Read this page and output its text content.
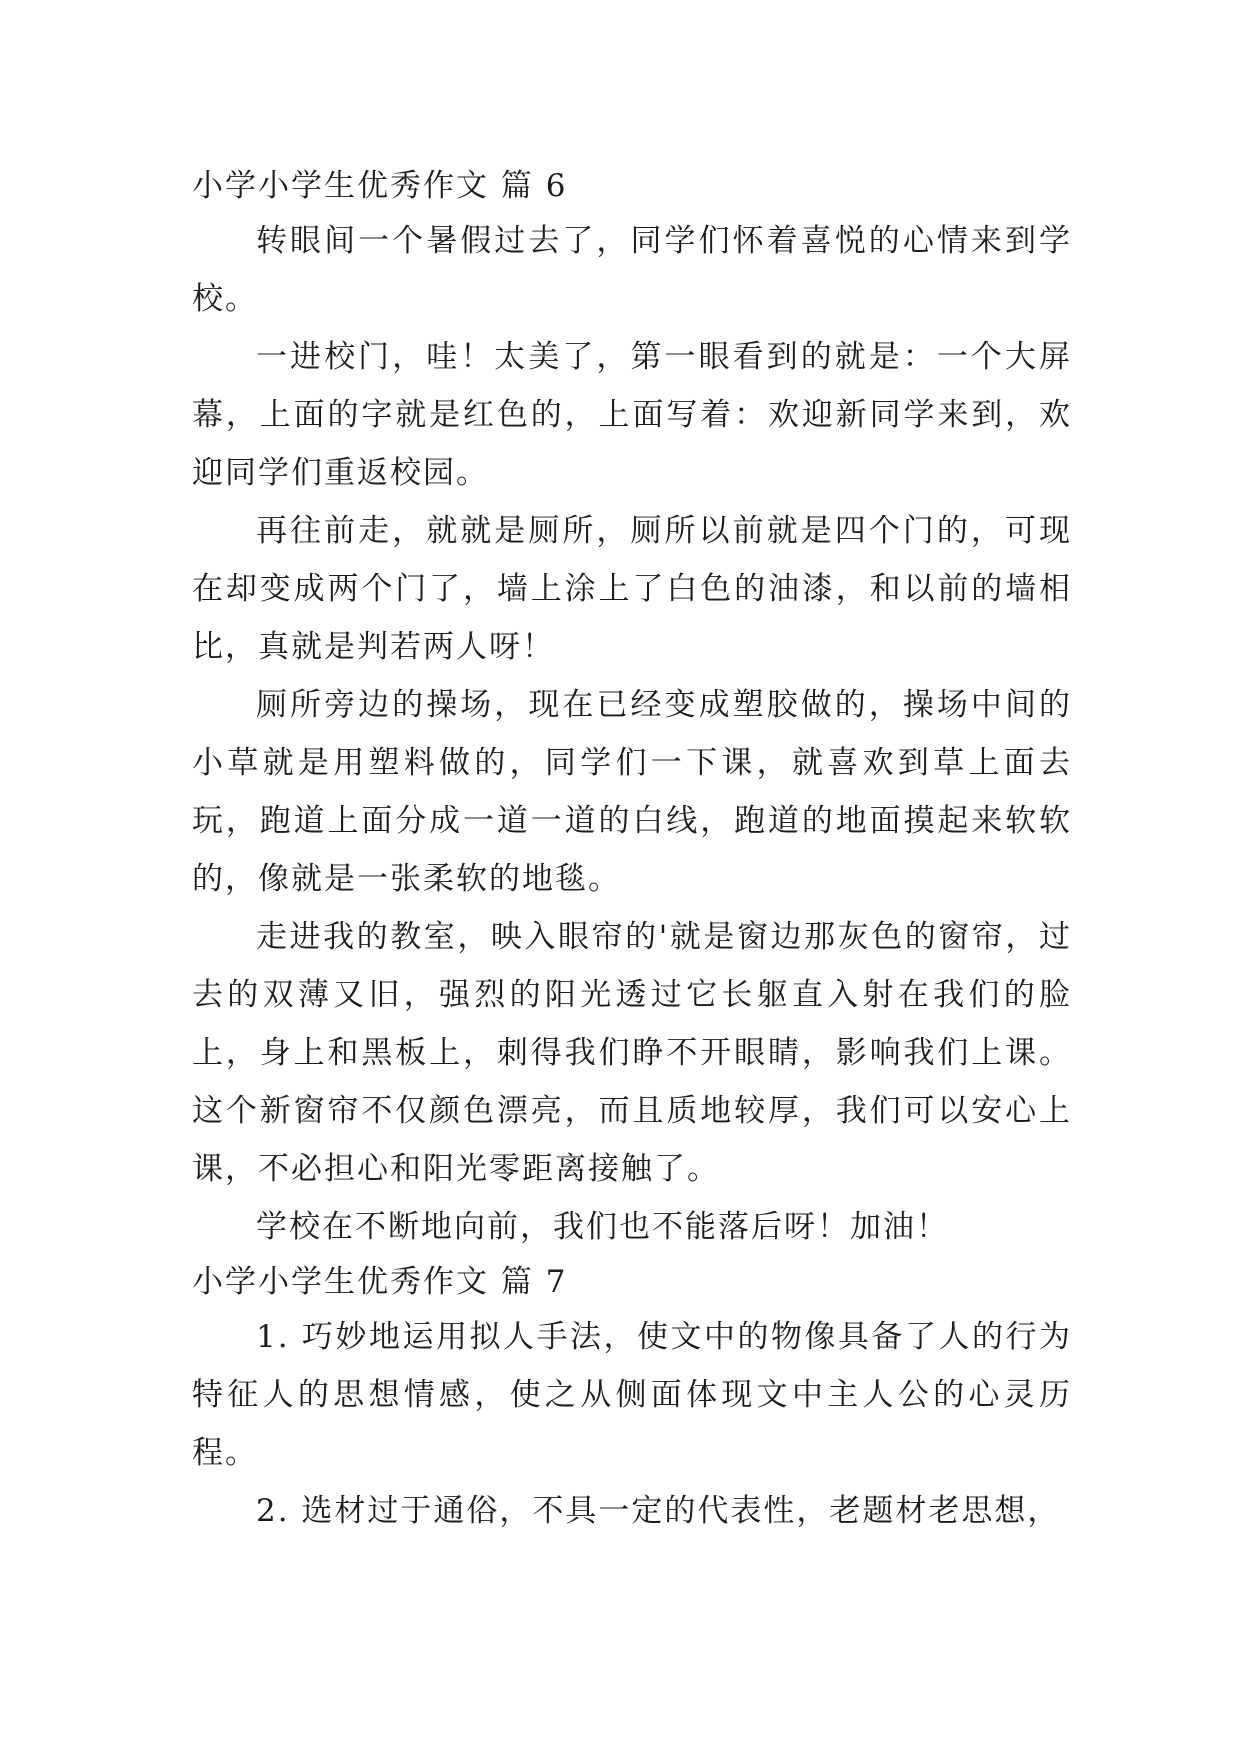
小学小学生优秀作文 篇 6

转眼间一个暑假过去了，同学们怀着喜悦的心情来到学校。

一进校门，哇！太美了，第一眼看到的就是：一个大屏幕，上面的字就是红色的，上面写着：欢迎新同学来到，欢迎同学们重返校园。

再往前走，就就是厕所，厕所以前就是四个门的，可现在却变成两个门了，墙上涂上了白色的油漆，和以前的墙相比，真就是判若两人呀！

厕所旁边的操场，现在已经变成塑胶做的，操场中间的小草就是用塑料做的，同学们一下课，就喜欢到草上面去玩，跑道上面分成一道一道的白线，跑道的地面摸起来软软的，像就是一张柔软的地毯。

走进我的教室，映入眼帘的'就是窗边那灰色的窗帘，过去的双薄又旧，强烈的阳光透过它长躯直入射在我们的脸上，身上和黑板上，刺得我们睁不开眼睛，影响我们上课。这个新窗帘不仅颜色漂亮，而且质地较厚，我们可以安心上课，不必担心和阳光零距离接触了。

学校在不断地向前，我们也不能落后呀！加油！

小学小学生优秀作文 篇 7

1. 巧妙地运用拟人手法，使文中的物像具备了人的行为特征人的思想情感，使之从侧面体现文中主人公的心灵历程。

2. 选材过于通俗，不具一定的代表性，老题材老思想，
